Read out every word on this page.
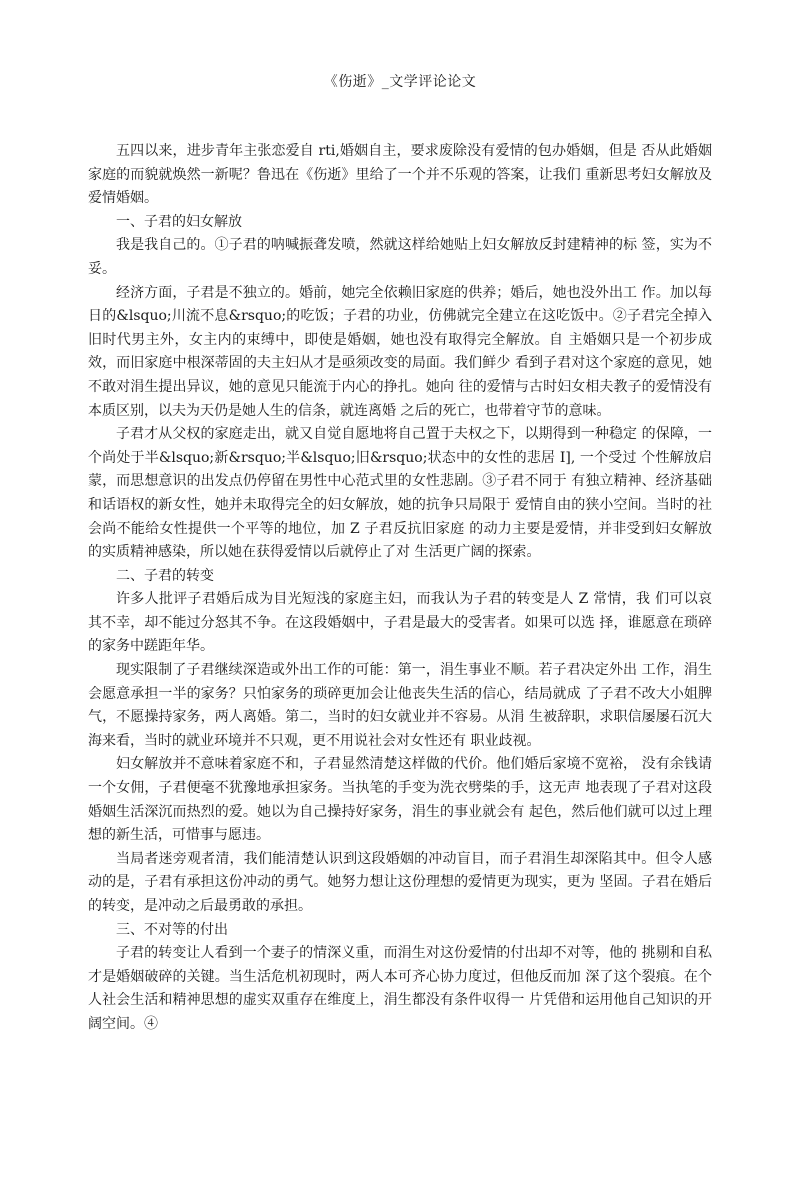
《伤逝》_文学评论论文

五四以来，进步青年主张恋爱自 rti,婚姻自主，要求废除没有爱情的包办婚姻，但是 否从此婚姻家庭的而貌就焕然一新呢？鲁迅在《伤逝》里给了一个并不乐观的答案，让我们 重新思考妇女解放及爱情婚姻。

一、子君的妇女解放

我是我自己的。①子君的呐喊振聋发喷，然就这样给她贴上妇女解放反封建精神的标 签，实为不妥。

经济方面，子君是不独立的。婚前，她完全依赖旧家庭的供养；婚后，她也没外出工 作。加以每日的&lsquo;川流不息&rsquo;的吃饭；子君的功业，仿佛就完全建立在这吃饭中。②子君完全掉入旧时代男主外，女主内的束缚中，即使是婚姻，她也没有取得完全解放。自 主婚姻只是一个初步成效，而旧家庭中根深蒂固的夫主妇从才是亟须改变的局面。我们鲜少 看到子君对这个家庭的意见，她不敢对涓生提出异议，她的意见只能流于内心的挣扎。她向 往的爱情与古时妇女相夫教子的爱情没有本质区别，以夫为天仍是她人生的信条，就连离婚 之后的死亡，也带着守节的意味。

子君才从父权的家庭走出，就又自觉自愿地将自己置于夫权之下，以期得到一种稳定 的保障，一个尚处于半&lsquo;新&rsquo;半&lsquo;旧&rsquo;状态中的女性的悲居 I], 一个受过 个性解放启蒙，而思想意识的出发点仍停留在男性中心范式里的女性悲剧。③子君不同于 有独立精神、经济基础和话语权的新女性，她并未取得完全的妇女解放，她的抗争只局限于 爱情自由的狭小空间。当时的社会尚不能给女性提供一个平等的地位，加 Z 子君反抗旧家庭 的动力主要是爱情，并非受到妇女解放的实质精神感染，所以她在获得爱情以后就停止了对 生活更广阔的探索。

二、子君的转变

许多人批评子君婚后成为目光短浅的家庭主妇，而我认为子君的转变是人 Z 常情，我 们可以哀其不幸，却不能过分怒其不争。在这段婚姻中，子君是最大的受害者。如果可以选 择，谁愿意在琐碎的家务中蹉距年华。

现实限制了子君继续深造或外出工作的可能：第一，涓生事业不顺。若子君决定外出 工作，涓生会愿意承担一半的家务？只怕家务的琐碎更加会让他丧失生活的信心，结局就成 了子君不改大小姐脾气，不愿操持家务，两人离婚。第二，当时的妇女就业并不容易。从涓 生被辞职，求职信屡屡石沉大海来看，当时的就业环境并不只观，更不用说社会对女性还有 职业歧视。

妇女解放并不意味着家庭不和，子君显然清楚这样做的代价。他们婚后家境不宽裕， 没有余钱请一个女佣，子君便毫不犹豫地承担家务。当执笔的手变为洗衣劈柴的手，这无声 地表现了子君对这段婚姻生活深沉而热烈的爱。她以为自己操持好家务，涓生的事业就会有 起色，然后他们就可以过上理想的新生活，可惜事与愿违。

当局者迷旁观者清，我们能清楚认识到这段婚姻的冲动盲目，而子君涓生却深陷其中。但令人感动的是，子君有承担这份冲动的勇气。她努力想让这份理想的爱情更为现实，更为 坚固。子君在婚后的转变，是冲动之后最勇敢的承担。

三、不对等的付出

子君的转变让人看到一个妻子的情深义重，而涓生对这份爱情的付出却不对等，他的 挑剔和自私才是婚姻破碎的关键。当生活危机初现时，两人本可齐心协力度过，但他反而加 深了这个裂痕。在个人社会生活和精神思想的虚实双重存在维度上，涓生都没有条件収得一 片凭借和运用他自己知识的开阔空间。④
